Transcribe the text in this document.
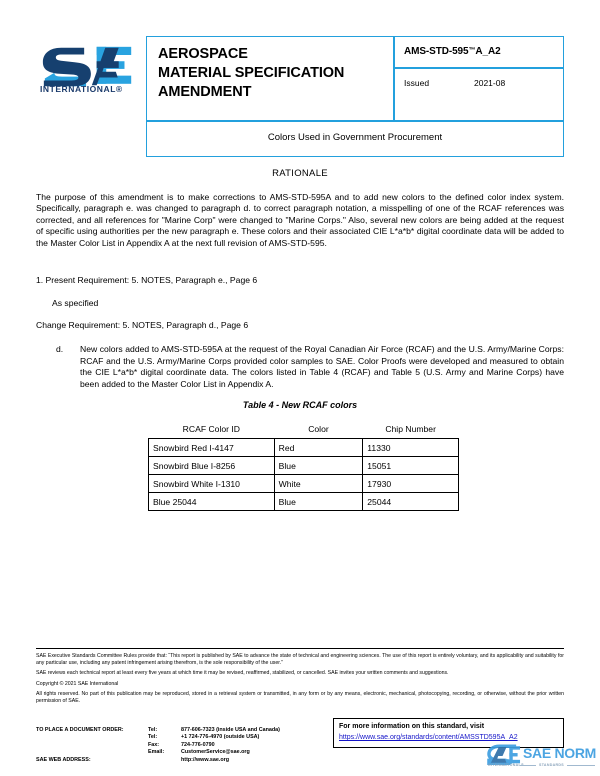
INTERNATIONAL®
AEROSPACE
MATERIAL SPECIFICATION
AMENDMENT
AMS-STD-595™A_A2
Issued	2021-08
Colors Used in Government Procurement
RATIONALE
The purpose of this amendment is to make corrections to AMS-STD-595A and to add new colors to the defined color index system. Specifically, paragraph e. was changed to paragraph d. to correct paragraph notation, a misspelling of one of the RCAF references was corrected, and all references for "Marine Corp" were changed to "Marine Corps." Also, several new colors are being added at the request of specific using authorities per the new paragraph e. These colors and their associated CIE L*a*b* digital coordinate data will be added to the Master Color List in Appendix A at the next full revision of AMS-STD-595.
1. Present Requirement: 5. NOTES, Paragraph e., Page 6
As specified
Change Requirement: 5. NOTES, Paragraph d., Page 6
d.	New colors added to AMS-STD-595A at the request of the Royal Canadian Air Force (RCAF) and the U.S. Army/Marine Corps: RCAF and the U.S. Army/Marine Corps provided color samples to SAE. Color Proofs were developed and measured to obtain the CIE L*a*b* digital coordinate data. The colors listed in Table 4 (RCAF) and Table 5 (U.S. Army and Marine Corps) have been added to the Master Color List in Appendix A.
Table 4 - New RCAF colors
RCAF Color ID	Color	Chip Number
Snowbird Red I-4147	Red	11330
Snowbird Blue I-8256	Blue	15051
Snowbird White I-1310	White	17930
Blue 25044	Blue	25044

SAE Executive Standards Committee Rules provide that: “This report is published by SAE to advance the state of technical and engineering sciences. The use of this report is entirely voluntary, and its applicability and suitability for any particular use, including any patent infringement arising therefrom, is the sole responsibility of the user.”

SAE reviews each technical report at least every five years at which time it may be revised, reaffirmed, stabilized, or cancelled. SAE invites your written comments and suggestions.

Copyright © 2021 SAE International

All rights reserved. No part of this publication may be reproduced, stored in a retrieval system or transmitted, in any form or by any means, electronic, mechanical, photocopying, recording, or otherwise, without the prior written permission of SAE.

TO PLACE A DOCUMENT ORDER:	Tel:	877-606-7323 (inside USA and Canada)
Tel:	+1 724-776-4970 (outside USA)
Fax:	724-776-0790
Email:	CustomerService@sae.org
SAE WEB ADDRESS:	http://www.sae.org
For more information on this standard, visit
https://www.sae.org/standards/content/AMSSTD595A_A2
SAE NORM
INTERNATIONAL®	STANDARDS
